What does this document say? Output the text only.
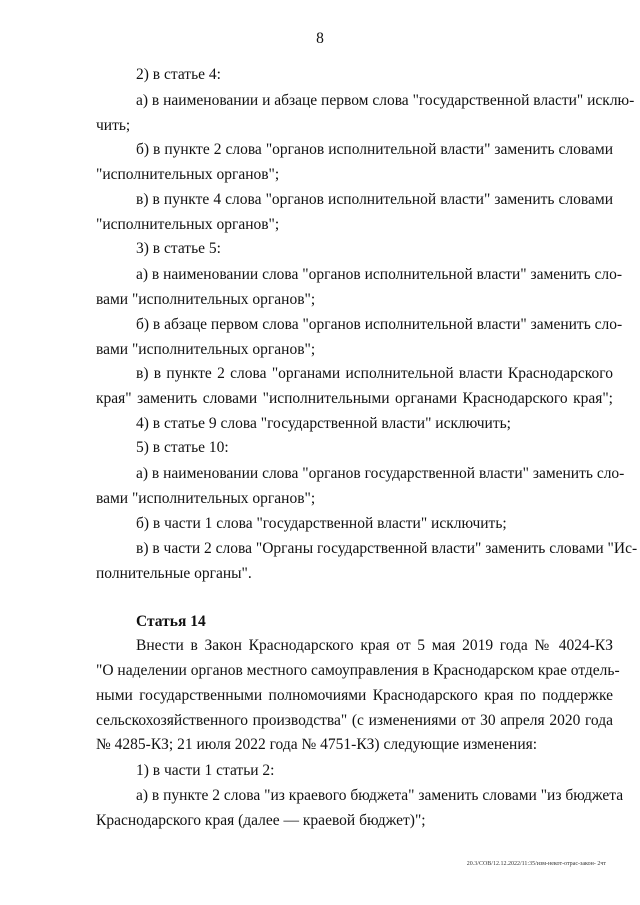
8
2) в статье 4:
а) в наименовании и абзаце первом слова "государственной власти" исклю-
чить;
б) в пункте 2 слова "органов исполнительной власти" заменить словами
"исполнительных органов";
в) в пункте 4 слова "органов исполнительной власти" заменить словами
"исполнительных органов";
3) в статье 5:
а) в наименовании слова "органов исполнительной власти" заменить сло-
вами "исполнительных органов";
б) в абзаце первом слова "органов исполнительной власти" заменить сло-
вами "исполнительных органов";
в) в пункте 2 слова "органами исполнительной власти Краснодарского
края" заменить словами "исполнительными органами Краснодарского края";
4) в статье 9 слова "государственной власти" исключить;
5) в статье 10:
а) в наименовании слова "органов государственной власти" заменить сло-
вами "исполнительных органов";
б) в части 1 слова "государственной власти" исключить;
в) в части 2 слова "Органы государственной власти" заменить словами "Ис-
полнительные органы".
Статья 14
Внести в Закон Краснодарского края от 5 мая 2019 года № 4024-КЗ
"О наделении органов местного самоуправления в Краснодарском крае отдель-
ными государственными полномочиями Краснодарского края по поддержке
сельскохозяйственного производства" (с изменениями от 30 апреля 2020 года
№ 4285-КЗ; 21 июля 2022 года № 4751-КЗ) следующие изменения:
1) в части 1 статьи 2:
а) в пункте 2 слова "из краевого бюджета" заменить словами "из бюджета
Краснодарского края (далее — краевой бюджет)";
20.3/СОВ/12.12.2022/11:35/изм-некот-отрас-закон- 2чт
